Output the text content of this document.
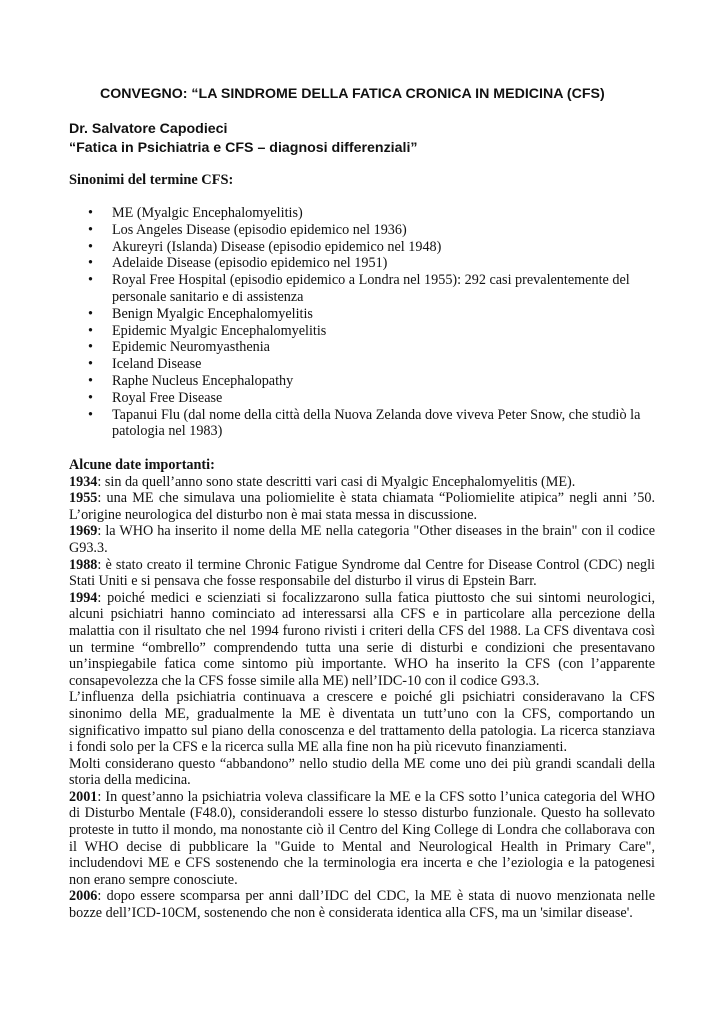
CONVEGNO: “LA SINDROME DELLA FATICA CRONICA IN MEDICINA (CFS)
Dr. Salvatore Capodieci
“Fatica in Psichiatria e CFS – diagnosi differenziali”
Sinonimi del termine CFS:
• ME (Myalgic Encephalomyelitis)
• Los Angeles Disease (episodio epidemico nel 1936)
• Akureyri (Islanda) Disease (episodio epidemico nel 1948)
• Adelaide Disease (episodio epidemico nel 1951)
• Royal Free Hospital (episodio epidemico a Londra nel 1955): 292 casi prevalentemente del personale sanitario e di assistenza
• Benign Myalgic Encephalomyelitis
• Epidemic Myalgic Encephalomyelitis
• Epidemic Neuromyasthenia
• Iceland Disease
• Raphe Nucleus Encephalopathy
• Royal Free Disease
• Tapanui Flu (dal nome della città della Nuova Zelanda dove viveva Peter Snow, che studiò la patologia nel 1983)

Alcune date importanti:

1934: sin da quell’anno sono state descritti vari casi di Myalgic Encephalomyelitis (ME).

1955: una ME che simulava una poliomielite è stata chiamata “Poliomielite atipica” negli anni ’50. L’origine neurologica del disturbo non è mai stata messa in discussione.

1969: la WHO ha inserito il nome della ME nella categoria "Other diseases in the brain" con il codice G93.3.

1988: è stato creato il termine Chronic Fatigue Syndrome dal Centre for Disease Control (CDC) negli Stati Uniti e si pensava che fosse responsabile del disturbo il virus di Epstein Barr.

1994: poiché medici e scienziati si focalizzarono sulla fatica piuttosto che sui sintomi neurologici, alcuni psichiatri hanno cominciato ad interessarsi alla CFS e in particolare alla percezione della malattia con il risultato che nel 1994 furono rivisti i criteri della CFS del 1988. La CFS diventava così un termine “ombrello” comprendendo tutta una serie di disturbi e condizioni che presentavano un’inspiegabile fatica come sintomo più importante. WHO ha inserito la CFS (con l’apparente consapevolezza che la CFS fosse simile alla ME) nell’IDC-10 con il codice G93.3.

L’influenza della psichiatria continuava a crescere e poiché gli psichiatri consideravano la CFS sinonimo della ME, gradualmente la ME è diventata un tutt’uno con la CFS, comportando un significativo impatto sul piano della conoscenza e del trattamento della patologia. La ricerca stanziava i fondi solo per la CFS e la ricerca sulla ME alla fine non ha più ricevuto finanziamenti.

Molti considerano questo “abbandono” nello studio della ME come uno dei più grandi scandali della storia della medicina.

2001: In quest’anno la psichiatria voleva classificare la ME e la CFS sotto l’unica categoria del WHO di Disturbo Mentale (F48.0), considerandoli essere lo stesso disturbo funzionale. Questo ha sollevato proteste in tutto il mondo, ma nonostante ciò il Centro del King College di Londra che collaborava con il WHO decise di pubblicare la "Guide to Mental and Neurological Health in Primary Care", includendovi ME e CFS sostenendo che la terminologia era incerta e che l’eziologia e la patogenesi non erano sempre conosciute.

2006: dopo essere scomparsa per anni dall’IDC del CDC, la ME è stata di nuovo menzionata nelle bozze dell’ICD-10CM, sostenendo che non è considerata identica alla CFS, ma un 'similar disease'.
